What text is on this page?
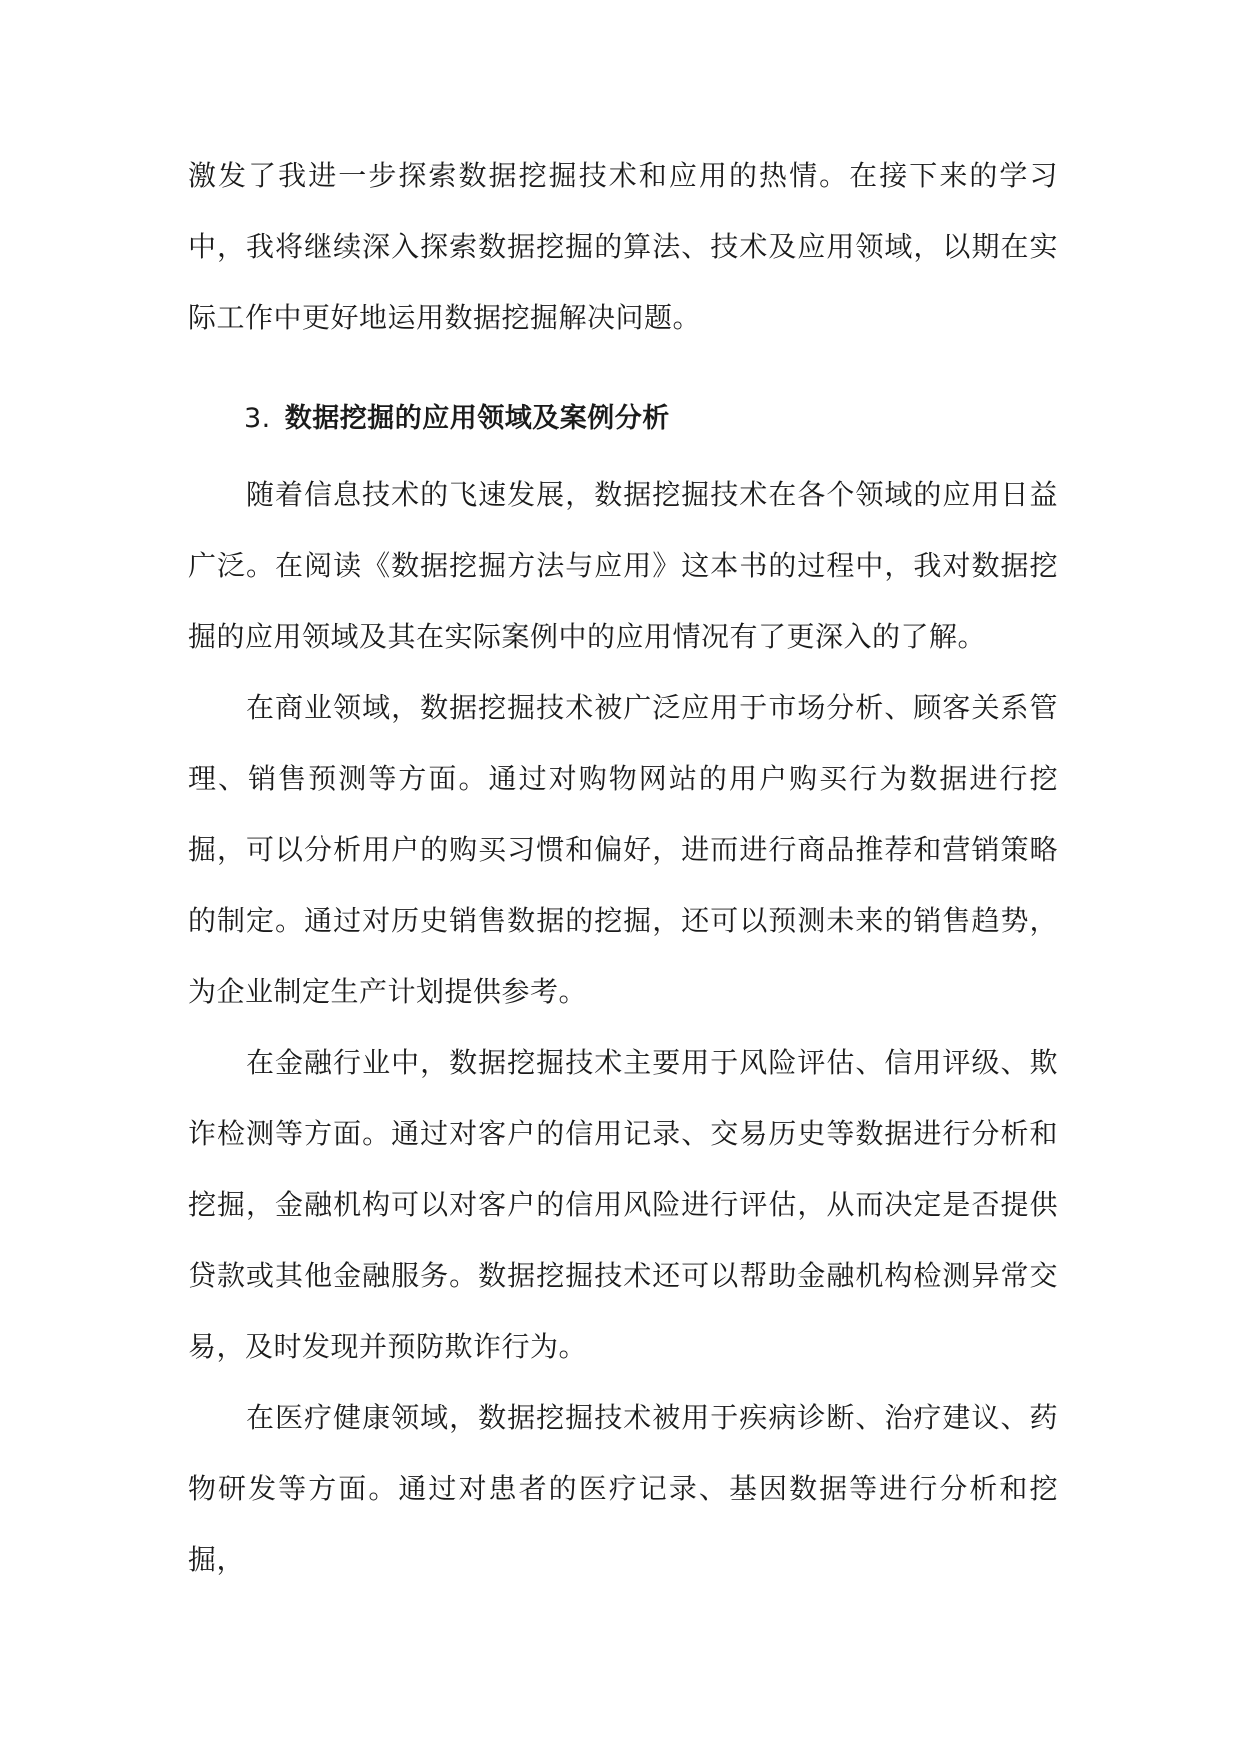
激发了我进一步探索数据挖掘技术和应用的热情。在接下来的学习中，我将继续深入探索数据挖掘的算法、技术及应用领域，以期在实际工作中更好地运用数据挖掘解决问题。

3. 数据挖掘的应用领域及案例分析

随着信息技术的飞速发展，数据挖掘技术在各个领域的应用日益广泛。在阅读《数据挖掘方法与应用》这本书的过程中，我对数据挖掘的应用领域及其在实际案例中的应用情况有了更深入的了解。

在商业领域，数据挖掘技术被广泛应用于市场分析、顾客关系管理、销售预测等方面。通过对购物网站的用户购买行为数据进行挖掘，可以分析用户的购买习惯和偏好，进而进行商品推荐和营销策略的制定。通过对历史销售数据的挖掘，还可以预测未来的销售趋势，为企业制定生产计划提供参考。

在金融行业中，数据挖掘技术主要用于风险评估、信用评级、欺诈检测等方面。通过对客户的信用记录、交易历史等数据进行分析和挖掘，金融机构可以对客户的信用风险进行评估，从而决定是否提供贷款或其他金融服务。数据挖掘技术还可以帮助金融机构检测异常交易，及时发现并预防欺诈行为。

在医疗健康领域，数据挖掘技术被用于疾病诊断、治疗建议、药物研发等方面。通过对患者的医疗记录、基因数据等进行分析和挖掘，
